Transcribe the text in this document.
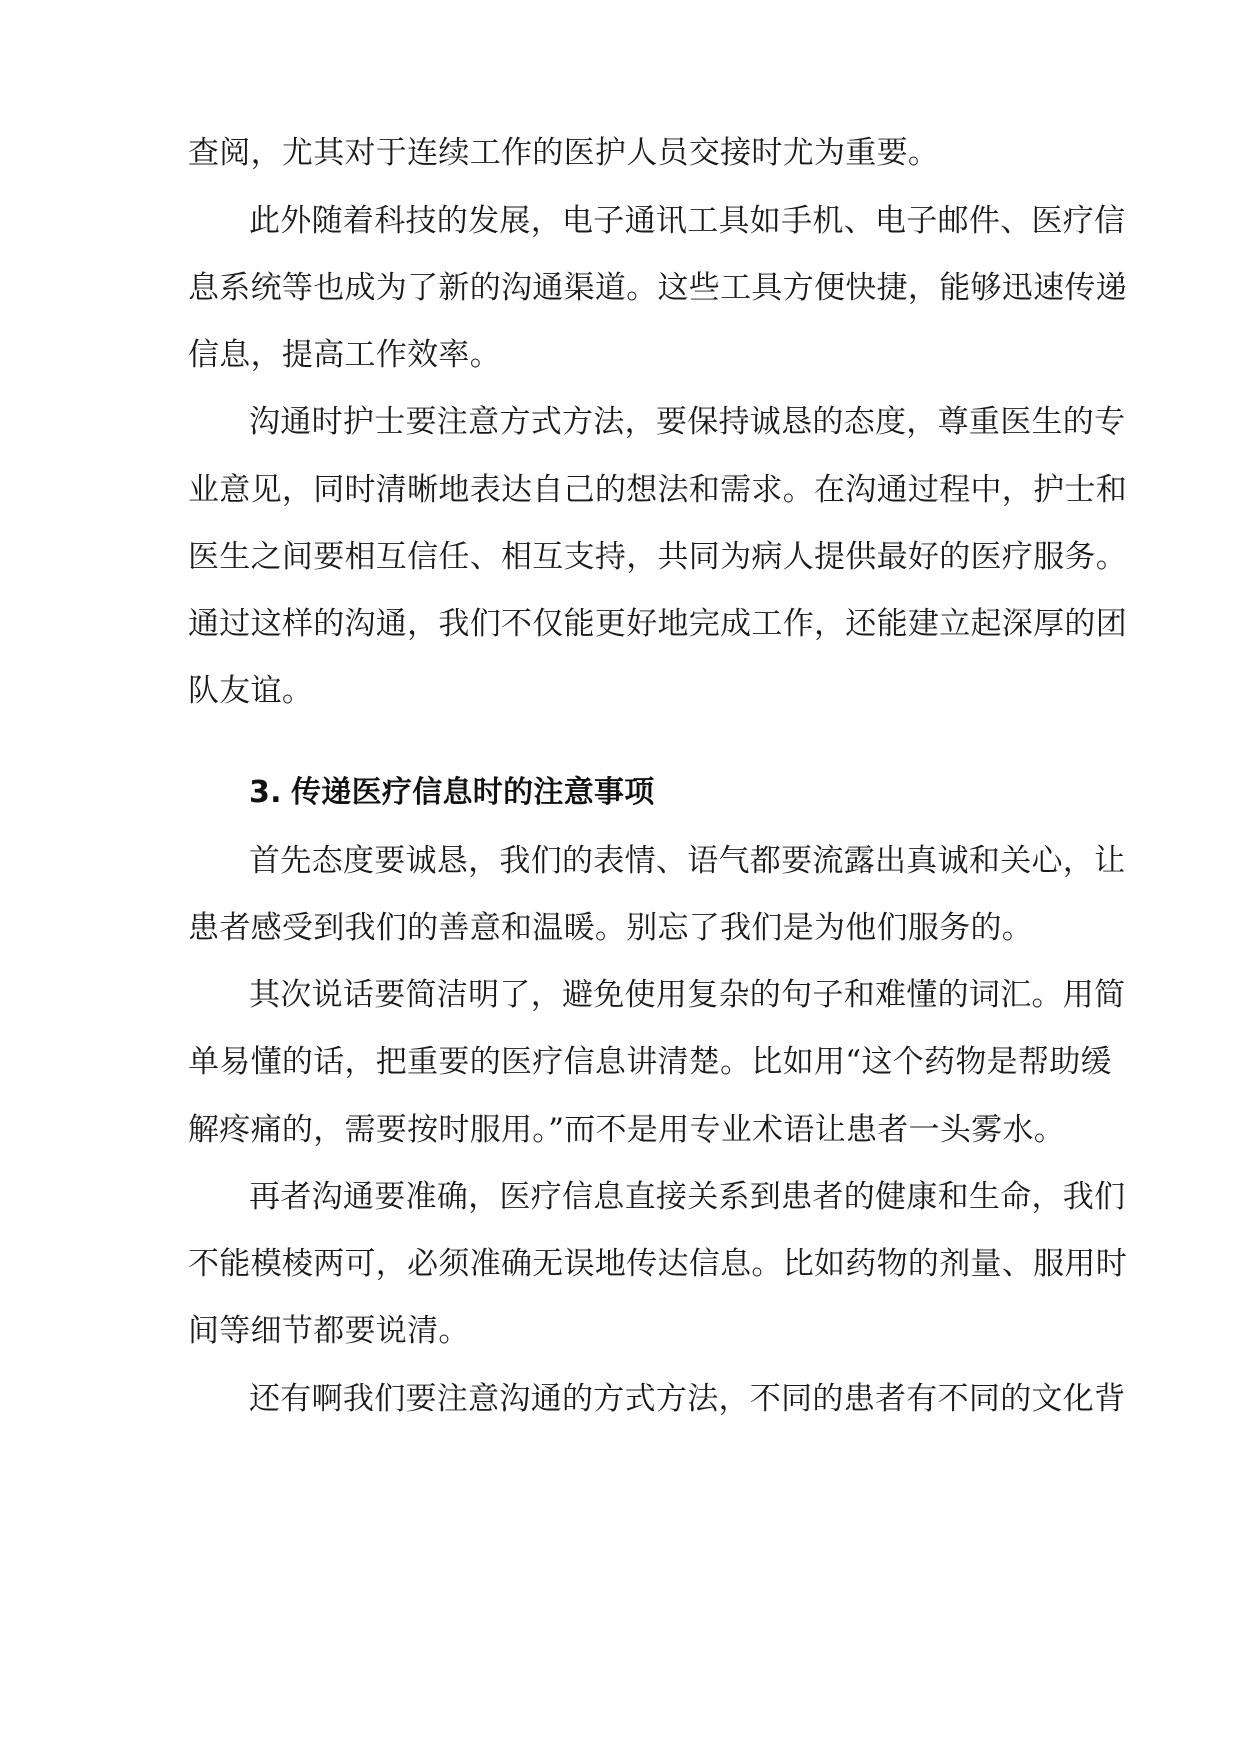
查阅，尤其对于连续工作的医护人员交接时尤为重要。
此外随着科技的发展，电子通讯工具如手机、电子邮件、医疗信
息系统等也成为了新的沟通渠道。这些工具方便快捷，能够迅速传递
信息，提高工作效率。
沟通时护士要注意方式方法，要保持诚恳的态度，尊重医生的专
业意见，同时清晰地表达自己的想法和需求。在沟通过程中，护士和
医生之间要相互信任、相互支持，共同为病人提供最好的医疗服务。
通过这样的沟通，我们不仅能更好地完成工作，还能建立起深厚的团
队友谊。
3. 传递医疗信息时的注意事项
首先态度要诚恳，我们的表情、语气都要流露出真诚和关心，让
患者感受到我们的善意和温暖。别忘了我们是为他们服务的。
其次说话要简洁明了，避免使用复杂的句子和难懂的词汇。用简
单易懂的话，把重要的医疗信息讲清楚。比如用“这个药物是帮助缓
解疼痛的，需要按时服用。”而不是用专业术语让患者一头雾水。
再者沟通要准确，医疗信息直接关系到患者的健康和生命，我们
不能模棱两可，必须准确无误地传达信息。比如药物的剂量、服用时
间等细节都要说清。
还有啊我们要注意沟通的方式方法，不同的患者有不同的文化背
